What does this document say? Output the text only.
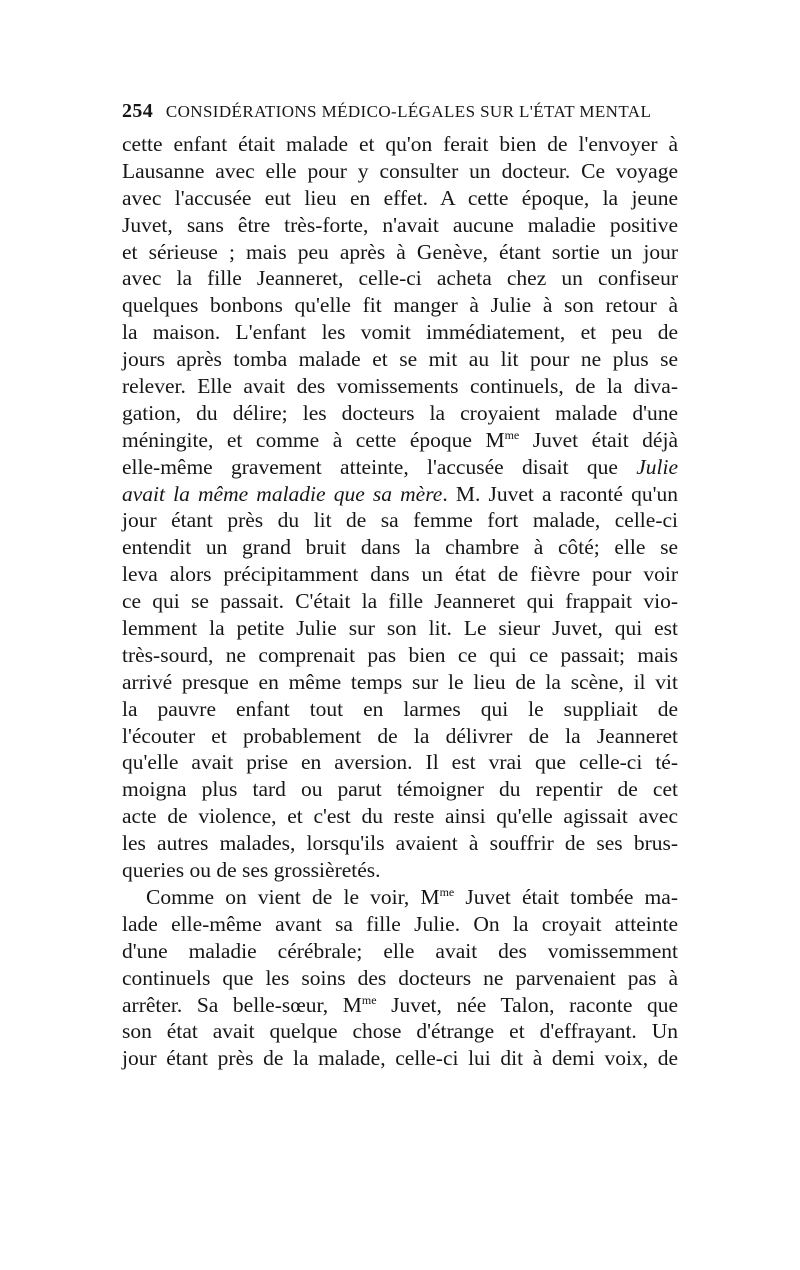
254 CONSIDÉRATIONS MÉDICO-LÉGALES SUR L'ÉTAT MENTAL
cette enfant était malade et qu'on ferait bien de l'envoyer à
Lausanne avec elle pour y consulter un docteur. Ce voyage
avec l'accusée eut lieu en effet. A cette époque, la jeune
Juvet, sans être très-forte, n'avait aucune maladie positive
et sérieuse ; mais peu après à Genève, étant sortie un jour
avec la fille Jeanneret, celle-ci acheta chez un confiseur
quelques bonbons qu'elle fit manger à Julie à son retour à
la maison. L'enfant les vomit immédiatement, et peu de
jours après tomba malade et se mit au lit pour ne plus se
relever. Elle avait des vomissements continuels, de la diva-
gation, du délire; les docteurs la croyaient malade d'une
méningite, et comme à cette époque $M^{me}$ Juvet était déjà
elle-même gravement atteinte, l'accusée disait que Julie
avait la même maladie que sa mère. M. Juvet a raconté qu'un
jour étant près du lit de sa femme fort malade, celle-ci
entendit un grand bruit dans la chambre à côté; elle se
leva alors précipitamment dans un état de fièvre pour voir
ce qui se passait. C'était la fille Jeanneret qui frappait vio-
lemment la petite Julie sur son lit. Le sieur Juvet, qui est
très-sourd, ne comprenait pas bien ce qui ce passait; mais
arrivé presque en même temps sur le lieu de la scène, il vit
la pauvre enfant tout en larmes qui le suppliait de
l'écouter et probablement de la délivrer de la Jeanneret
qu'elle avait prise en aversion. Il est vrai que celle-ci té-
moigna plus tard ou parut témoigner du repentir de cet
acte de violence, et c'est du reste ainsi qu'elle agissait avec
les autres malades, lorsqu'ils avaient à souffrir de ses brus-
queries ou de ses grossièretés.
Comme on vient de le voir, $M^{me}$ Juvet était tombée ma-
lade elle-même avant sa fille Julie. On la croyait atteinte
d'une maladie cérébrale; elle avait des vomissemment
continuels que les soins des docteurs ne parvenaient pas à
arrêter. Sa belle-sœur, $M^{me}$ Juvet, née Talon, raconte que
son état avait quelque chose d'étrange et d'effrayant. Un
jour étant près de la malade, celle-ci lui dit à demi voix, de
